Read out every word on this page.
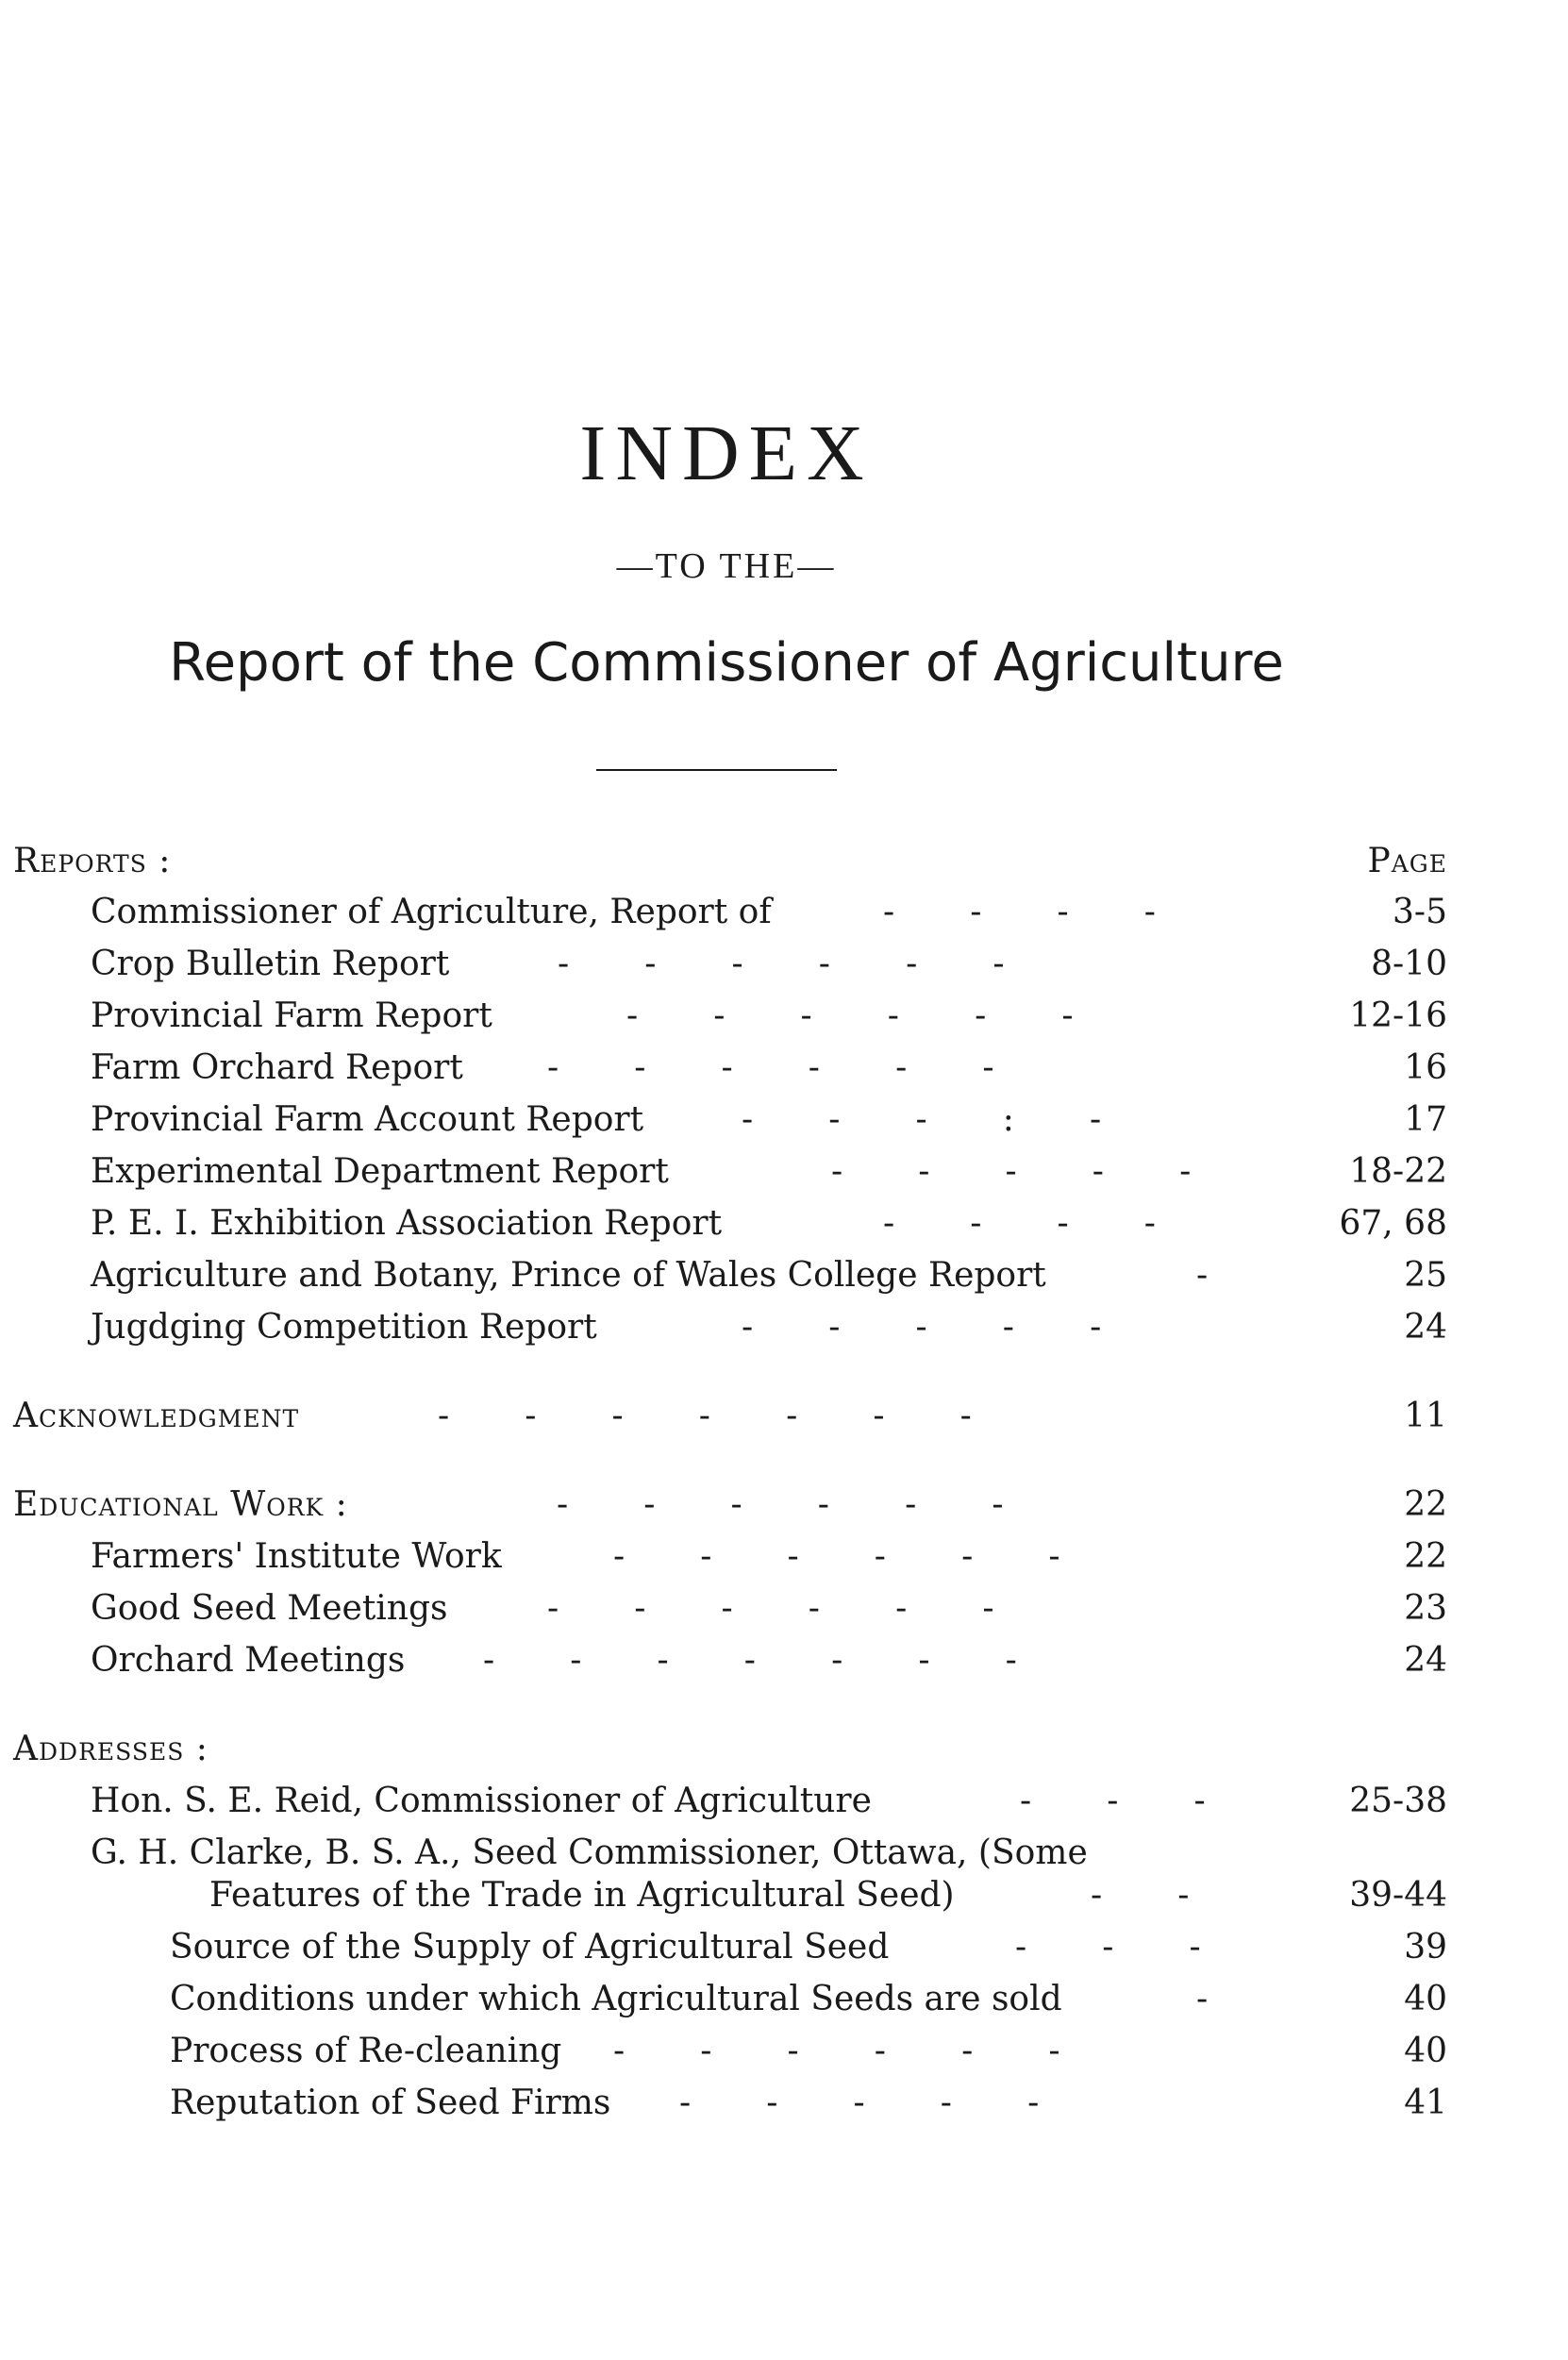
INDEX
—TO THE—
Report of the Commissioner of Agriculture
Reports :	Page
Commissioner of Agriculture, Report of	-       -       -       -	3-5
Crop Bulletin Report	-       -       -       -       -       -	8-10
Provincial Farm Report	-       -       -       -       -       -	12-16
Farm Orchard Report -       -       -       -       -       -	16
Provincial Farm Account Report	-       -       -       :       -	17
Experimental Department Report	-       -       -       -       -	18-22
P. E. I. Exhibition Association Report	-       -       -       -	67, 68
Agriculture and Botany, Prince of Wales College Report	-	25
Jugdging Competition Report	-       -       -       -       -	24
Acknowledgment	-       -       -       -       -       -       -	11
Educational Work :	-       -       -       -       -       -	22
Farmers' Institute Work	-       -       -       -       -       -	22
Good Seed Meetings	-       -       -       -       -       -	23
Orchard Meetings -       -       -       -       -       -       -	24
Addresses :
Hon. S. E. Reid, Commissioner of Agriculture	-       -       -	25-38
G. H. Clarke, B. S. A., Seed Commissioner, Ottawa, (Some
Features of the Trade in Agricultural Seed)	-       -	39-44
Source of the Supply of Agricultural Seed	-       -       -	39
Conditions under which Agricultural Seeds are sold	-	40
Process of Re-cleaning -       -       -       -       -       -	40
Reputation of Seed Firms -       -       -       -       -	41
